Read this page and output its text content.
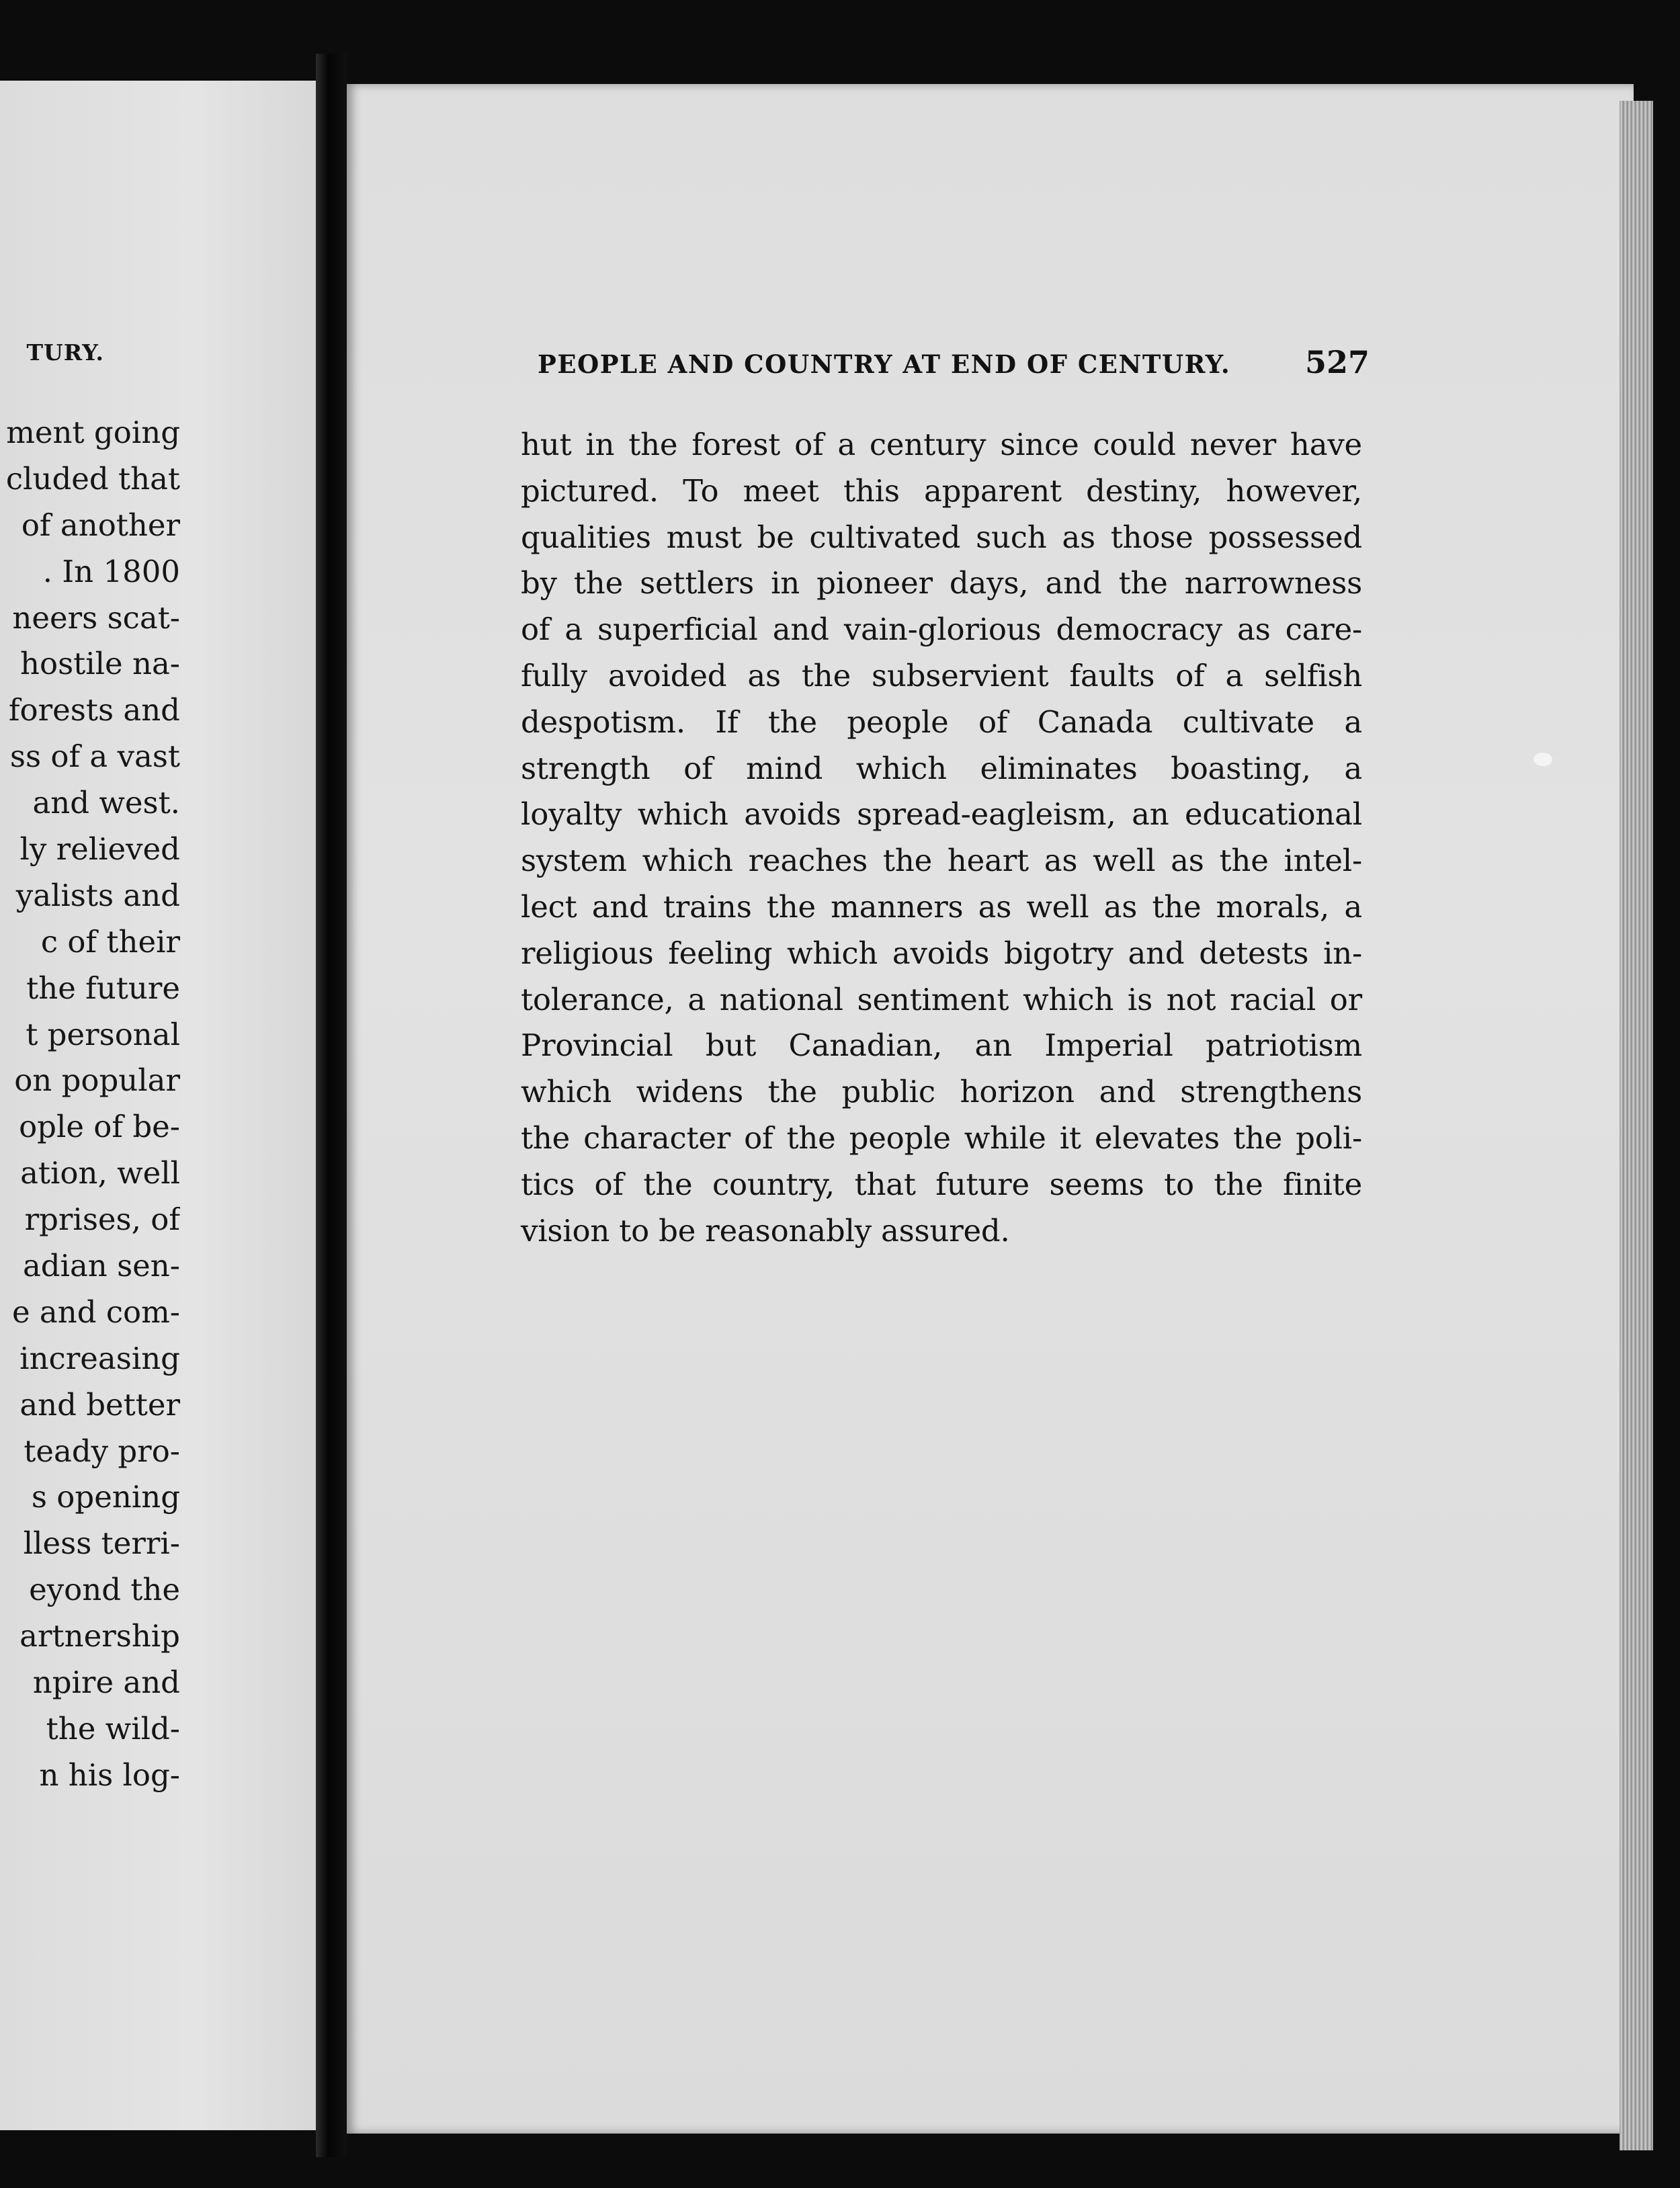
TURY.
ment going
cluded that
of another
. In 1800
neers scat-
hostile na-
forests and
ss of a vast
and west.
ly relieved
yalists and
c of their
the future
t personal
on popular
ople of be-
ation, well
rprises, of
adian sen-
e and com-
increasing
and better
teady pro-
s opening
lless terri-
eyond the
artnership
npire and
the wild-
n his log-
PEOPLE AND COUNTRY AT END OF CENTURY. 527
hut in the forest of a century since could never have
pictured. To meet this apparent destiny, however,
qualities must be cultivated such as those possessed
by the settlers in pioneer days, and the narrowness
of a superficial and vain-glorious democracy as care-
fully avoided as the subservient faults of a selfish
despotism. If the people of Canada cultivate a
strength of mind which eliminates boasting, a
loyalty which avoids spread-eagleism, an educational
system which reaches the heart as well as the intel-
lect and trains the manners as well as the morals, a
religious feeling which avoids bigotry and detests in-
tolerance, a national sentiment which is not racial or
Provincial but Canadian, an Imperial patriotism
which widens the public horizon and strengthens
the character of the people while it elevates the poli-
tics of the country, that future seems to the finite
vision to be reasonably assured.
